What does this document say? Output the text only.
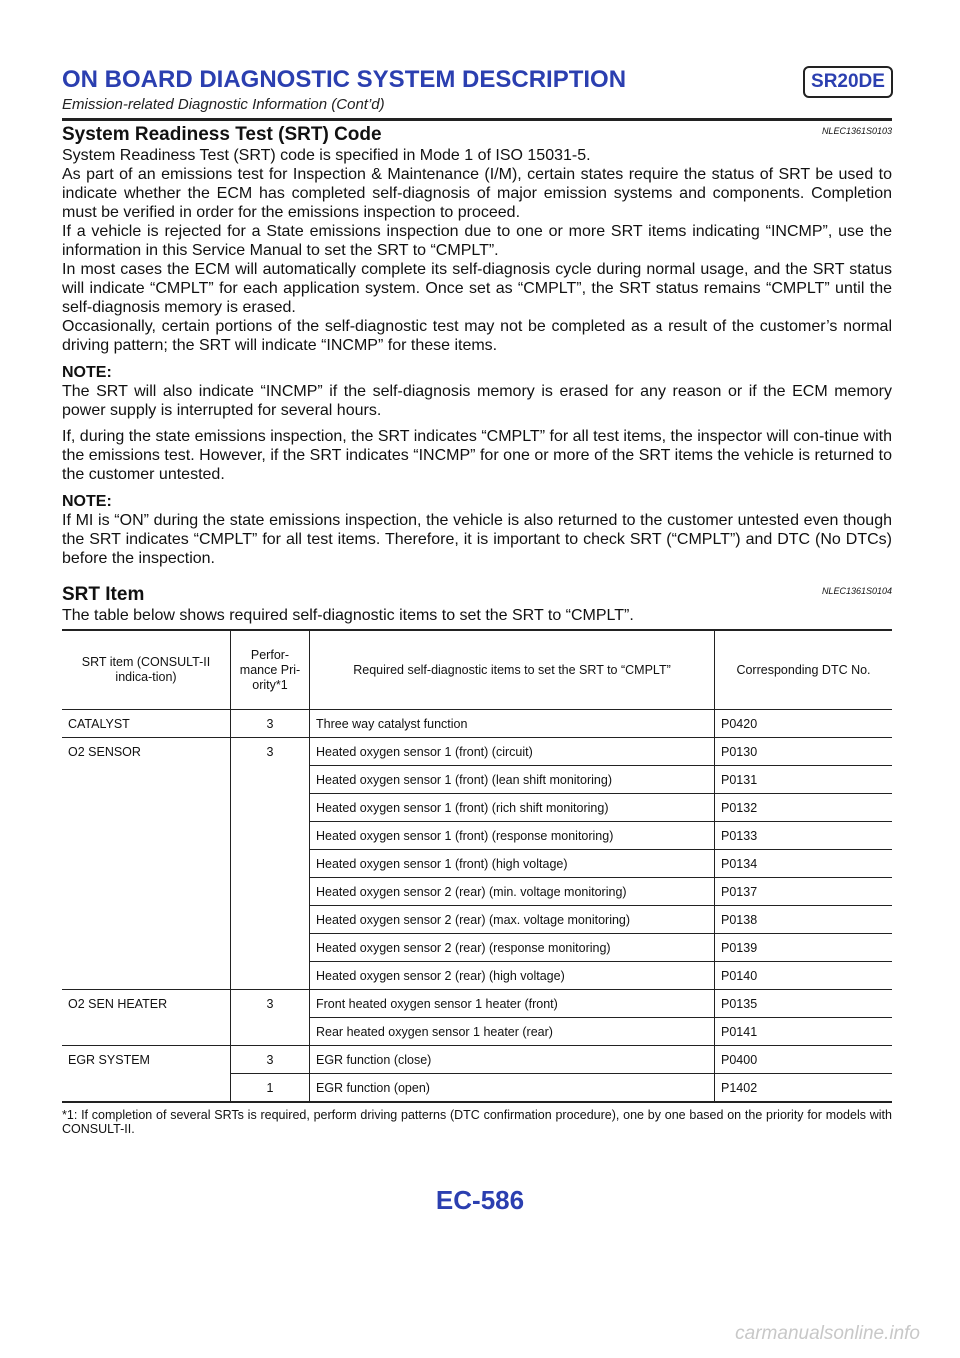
ON BOARD DIAGNOSTIC SYSTEM DESCRIPTION	SR20DE
Emission-related Diagnostic Information (Cont’d)
System Readiness Test (SRT) Code	NLEC1361S0103

System Readiness Test (SRT) code is specified in Mode 1 of ISO 15031-5.

As part of an emissions test for Inspection & Maintenance (I/M), certain states require the status of SRT be used to indicate whether the ECM has completed self-diagnosis of major emission systems and components. Completion must be verified in order for the emissions inspection to proceed.

If a vehicle is rejected for a State emissions inspection due to one or more SRT items indicating “INCMP”, use the information in this Service Manual to set the SRT to “CMPLT”.

In most cases the ECM will automatically complete its self-diagnosis cycle during normal usage, and the SRT status will indicate “CMPLT” for each application system. Once set as “CMPLT”, the SRT status remains “CMPLT” until the self-diagnosis memory is erased.

Occasionally, certain portions of the self-diagnostic test may not be completed as a result of the customer’s normal driving pattern; the SRT will indicate “INCMP” for these items.

NOTE:

The SRT will also indicate “INCMP” if the self-diagnosis memory is erased for any reason or if the ECM memory power supply is interrupted for several hours.

If, during the state emissions inspection, the SRT indicates “CMPLT” for all test items, the inspector will con-tinue with the emissions test. However, if the SRT indicates “INCMP” for one or more of the SRT items the vehicle is returned to the customer untested.

NOTE:

If MI is “ON” during the state emissions inspection, the vehicle is also returned to the customer untested even though the SRT indicates “CMPLT” for all test items. Therefore, it is important to check SRT (“CMPLT”) and DTC (No DTCs) before the inspection.

SRT Item	NLEC1361S0104

The table below shows required self-diagnostic items to set the SRT to “CMPLT”.

SRT item (CONSULT-II indica-tion)	Perfor-mance Pri-ority*1	Required self-diagnostic items to set the SRT to “CMPLT”	Corresponding DTC No.
CATALYST	3	Three way catalyst function	P0420
O2 SENSOR	3	Heated oxygen sensor 1 (front) (circuit)	P0130
		Heated oxygen sensor 1 (front) (lean shift monitoring)	P0131
		Heated oxygen sensor 1 (front) (rich shift monitoring)	P0132
		Heated oxygen sensor 1 (front) (response monitoring)	P0133
		Heated oxygen sensor 1 (front) (high voltage)	P0134
		Heated oxygen sensor 2 (rear) (min. voltage monitoring)	P0137
		Heated oxygen sensor 2 (rear) (max. voltage monitoring)	P0138
		Heated oxygen sensor 2 (rear) (response monitoring)	P0139
		Heated oxygen sensor 2 (rear) (high voltage)	P0140
O2 SEN HEATER	3	Front heated oxygen sensor 1 heater (front)	P0135
		Rear heated oxygen sensor 1 heater (rear)	P0141
EGR SYSTEM	3	EGR function (close)	P0400
	1	EGR function (open)	P1402
*1: If completion of several SRTs is required, perform driving patterns (DTC confirmation procedure), one by one based on the priority for models with CONSULT-II.
EC-586
carmanualsonline.info
